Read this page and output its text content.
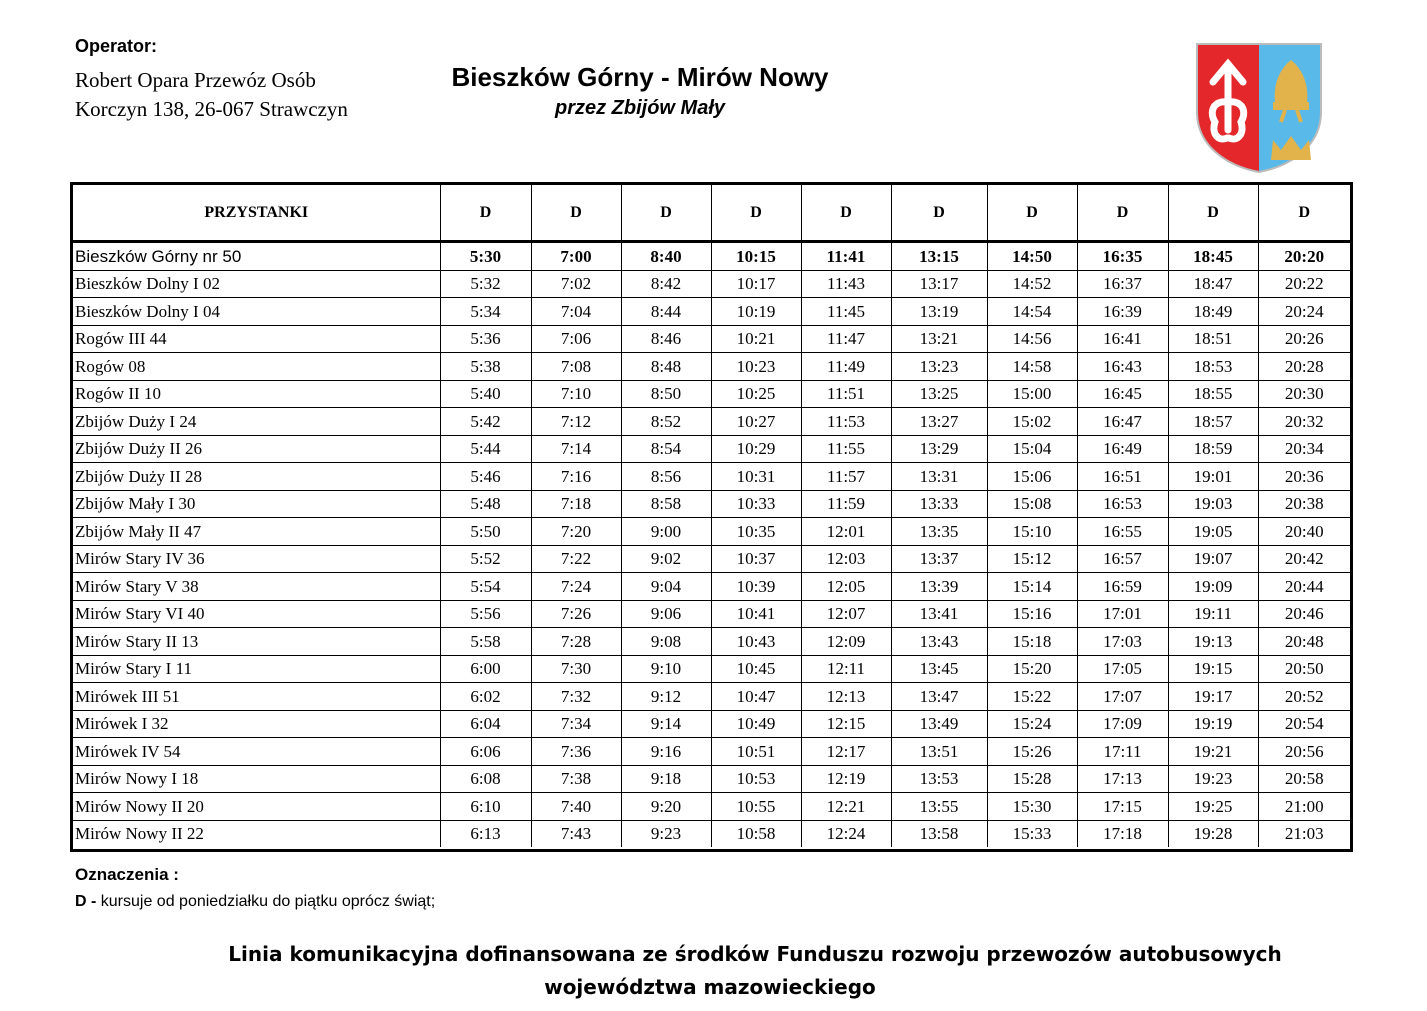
Operator:
Robert Opara Przewóz Osób
Korczyn 138, 26-067 Strawczyn
Bieszków Górny - Mirów Nowy
przez Zbijów Mały
PRZYSTANKI	D	D	D	D	D	D	D	D	D	D
Bieszków Górny nr 50	5:30	7:00	8:40	10:15	11:41	13:15	14:50	16:35	18:45	20:20
Bieszków Dolny I 02	5:32	7:02	8:42	10:17	11:43	13:17	14:52	16:37	18:47	20:22
Bieszków Dolny I 04	5:34	7:04	8:44	10:19	11:45	13:19	14:54	16:39	18:49	20:24
Rogów III 44	5:36	7:06	8:46	10:21	11:47	13:21	14:56	16:41	18:51	20:26
Rogów 08	5:38	7:08	8:48	10:23	11:49	13:23	14:58	16:43	18:53	20:28
Rogów II 10	5:40	7:10	8:50	10:25	11:51	13:25	15:00	16:45	18:55	20:30
Zbijów Duży I 24	5:42	7:12	8:52	10:27	11:53	13:27	15:02	16:47	18:57	20:32
Zbijów Duży II 26	5:44	7:14	8:54	10:29	11:55	13:29	15:04	16:49	18:59	20:34
Zbijów Duży II 28	5:46	7:16	8:56	10:31	11:57	13:31	15:06	16:51	19:01	20:36
Zbijów Mały I 30	5:48	7:18	8:58	10:33	11:59	13:33	15:08	16:53	19:03	20:38
Zbijów Mały II 47	5:50	7:20	9:00	10:35	12:01	13:35	15:10	16:55	19:05	20:40
Mirów Stary IV 36	5:52	7:22	9:02	10:37	12:03	13:37	15:12	16:57	19:07	20:42
Mirów Stary V 38	5:54	7:24	9:04	10:39	12:05	13:39	15:14	16:59	19:09	20:44
Mirów Stary VI 40	5:56	7:26	9:06	10:41	12:07	13:41	15:16	17:01	19:11	20:46
Mirów Stary II 13	5:58	7:28	9:08	10:43	12:09	13:43	15:18	17:03	19:13	20:48
Mirów Stary I 11	6:00	7:30	9:10	10:45	12:11	13:45	15:20	17:05	19:15	20:50
Mirówek III 51	6:02	7:32	9:12	10:47	12:13	13:47	15:22	17:07	19:17	20:52
Mirówek I 32	6:04	7:34	9:14	10:49	12:15	13:49	15:24	17:09	19:19	20:54
Mirówek IV 54	6:06	7:36	9:16	10:51	12:17	13:51	15:26	17:11	19:21	20:56
Mirów Nowy I 18	6:08	7:38	9:18	10:53	12:19	13:53	15:28	17:13	19:23	20:58
Mirów Nowy II 20	6:10	7:40	9:20	10:55	12:21	13:55	15:30	17:15	19:25	21:00
Mirów Nowy II 22	6:13	7:43	9:23	10:58	12:24	13:58	15:33	17:18	19:28	21:03
Oznaczenia :
D - kursuje od poniedziałku do piątku oprócz świąt;
Linia komunikacyjna dofinansowana ze środków Funduszu rozwoju przewozów autobusowych
województwa mazowieckiego
